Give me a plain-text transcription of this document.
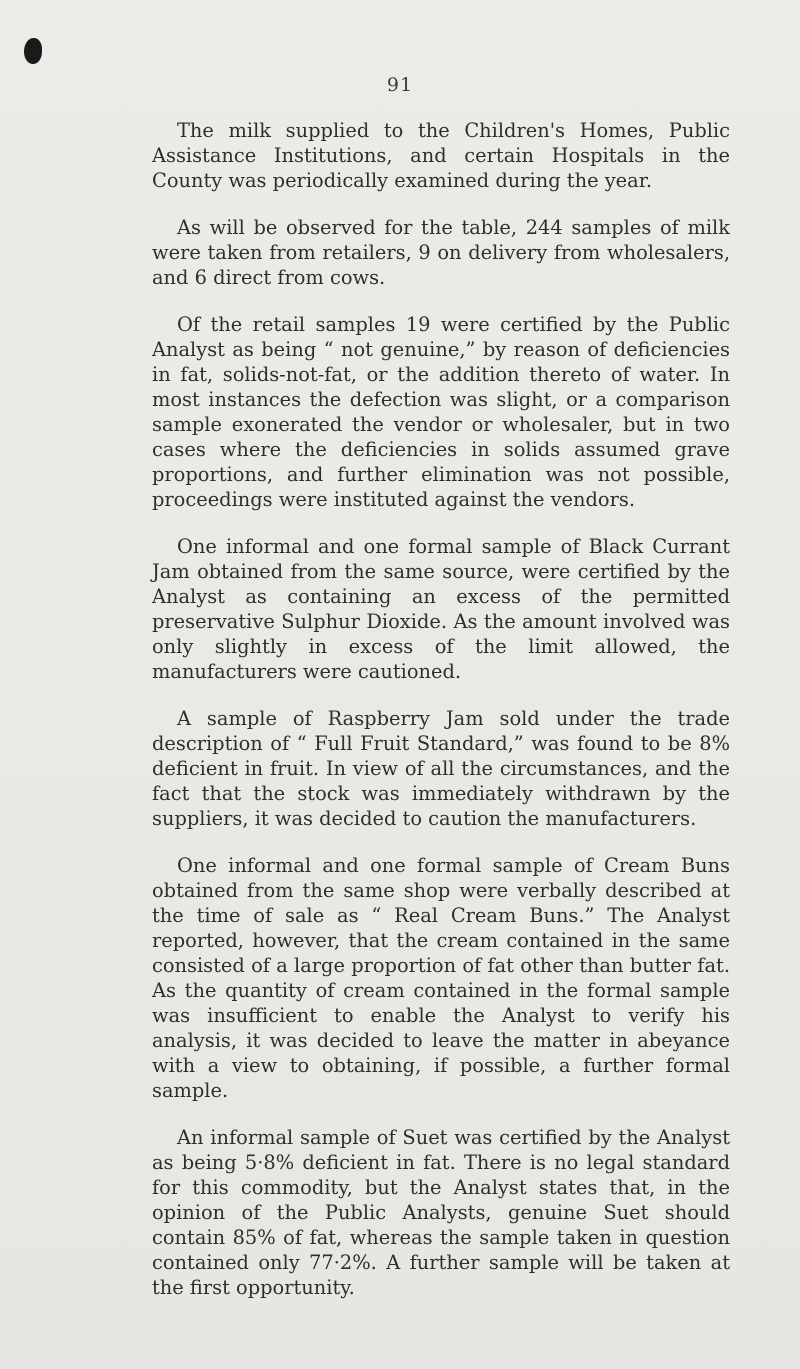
91

The milk supplied to the Children's Homes, Public Assistance Institutions, and certain Hospitals in the County was periodically examined during the year.

As will be observed for the table, 244 samples of milk were taken from retailers, 9 on delivery from wholesalers, and 6 direct from cows.

Of the retail samples 19 were certified by the Public Analyst as being “ not genuine,” by reason of deficiencies in fat, solids-not-fat, or the addition thereto of water. In most instances the defection was slight, or a comparison sample exonerated the vendor or wholesaler, but in two cases where the deficiencies in solids assumed grave proportions, and further elimination was not possible, proceedings were instituted against the vendors.

One informal and one formal sample of Black Currant Jam obtained from the same source, were certified by the Analyst as containing an excess of the permitted preservative Sulphur Dioxide. As the amount involved was only slightly in excess of the limit allowed, the manufacturers were cautioned.

A sample of Raspberry Jam sold under the trade description of “ Full Fruit Standard,” was found to be 8% deficient in fruit. In view of all the circumstances, and the fact that the stock was immediately withdrawn by the suppliers, it was decided to caution the manufacturers.

One informal and one formal sample of Cream Buns obtained from the same shop were verbally described at the time of sale as “ Real Cream Buns.” The Analyst reported, however, that the cream contained in the same consisted of a large proportion of fat other than butter fat. As the quantity of cream contained in the formal sample was insufficient to enable the Analyst to verify his analysis, it was decided to leave the matter in abeyance with a view to obtaining, if possible, a further formal sample.

An informal sample of Suet was certified by the Analyst as being 5·8% deficient in fat. There is no legal standard for this commodity, but the Analyst states that, in the opinion of the Public Analysts, genuine Suet should contain 85% of fat, whereas the sample taken in question contained only 77·2%. A further sample will be taken at the first opportunity.
